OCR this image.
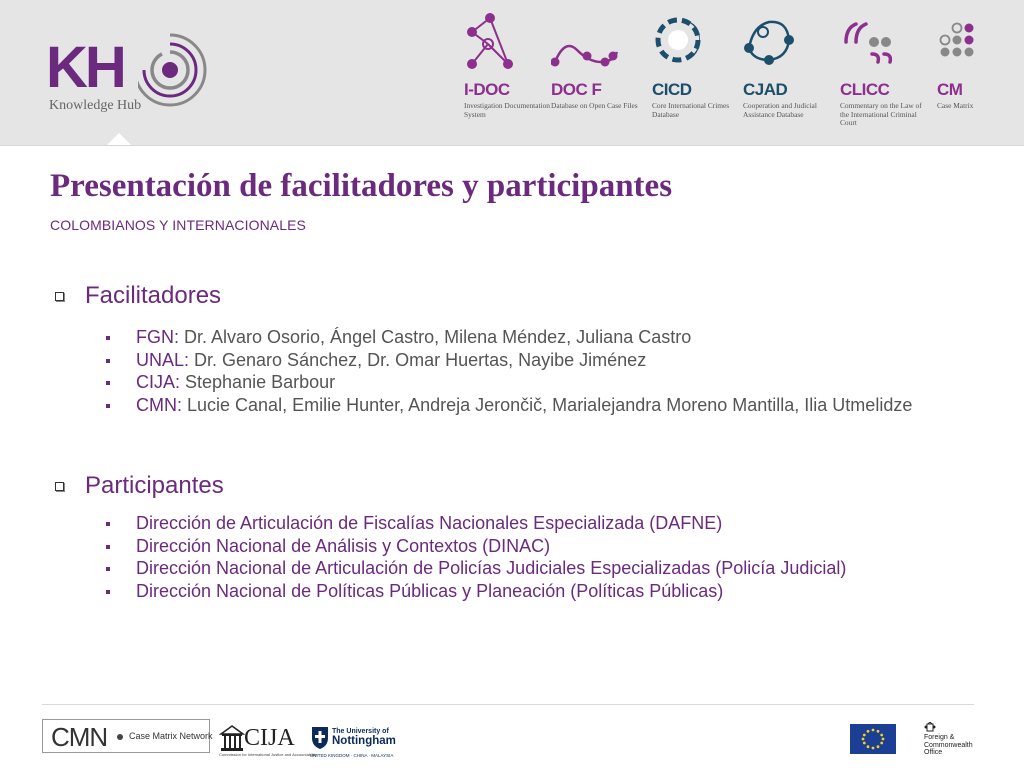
KH
Knowledge Hub
I-DOC
Investigation Documentation System
DOC F
Database on Open Case Files
CICD
Core International Crimes Database
CJAD
Cooperation and Judicial Assistance Database
CLICC
Commentary on the Law of the International Criminal Court
CM
Case Matrix
Presentación de facilitadores y participantes
COLOMBIANOS Y INTERNACIONALES
Facilitadores
FGN: Dr. Alvaro Osorio, Ángel Castro, Milena Méndez, Juliana Castro
UNAL: Dr. Genaro Sánchez, Dr. Omar Huertas, Nayibe Jiménez
CIJA: Stephanie Barbour
CMN: Lucie Canal, Emilie Hunter, Andreja Jerončič, Marialejandra Moreno Mantilla, Ilia Utmelidze
Participantes
Dirección de Articulación de Fiscalías Nacionales Especializada (DAFNE)
Dirección Nacional de Análisis y Contextos (DINAC)
Dirección Nacional de Articulación de Policías Judiciales Especializadas (Policía Judicial)
Dirección Nacional de Políticas Públicas y Planeación (Políticas Públicas)
CMN Case Matrix Network CIJA
Commission for International Justice and Accountability
The University of
Nottingham
UNITED KINGDOM · CHINA · MALAYSIA
Foreign &
Commonwealth
Office
